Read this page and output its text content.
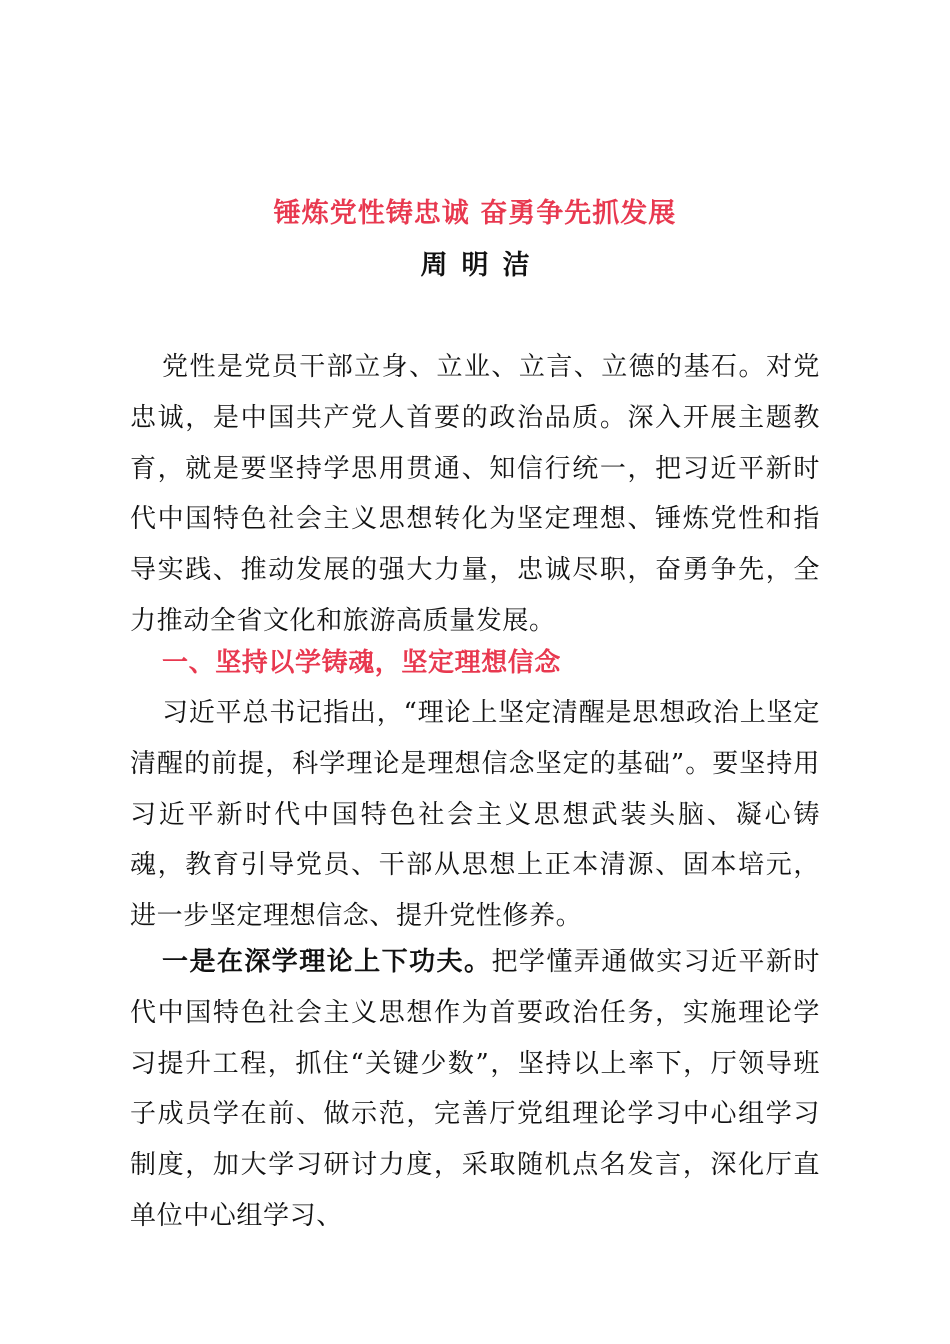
锤炼党性铸忠诚 奋勇争先抓发展
周明洁

党性是党员干部立身、立业、立言、立德的基石。对党忠诚，是中国共产党人首要的政治品质。深入开展主题教育，就是要坚持学思用贯通、知信行统一，把习近平新时代中国特色社会主义思想转化为坚定理想、锤炼党性和指导实践、推动发展的强大力量，忠诚尽职，奋勇争先，全力推动全省文化和旅游高质量发展。

一、坚持以学铸魂，坚定理想信念

习近平总书记指出，“理论上坚定清醒是思想政治上坚定清醒的前提，科学理论是理想信念坚定的基础”。要坚持用习近平新时代中国特色社会主义思想武装头脑、凝心铸魂，教育引导党员、干部从思想上正本清源、固本培元，进一步坚定理想信念、提升党性修养。

一是在深学理论上下功夫。把学懂弄通做实习近平新时代中国特色社会主义思想作为首要政治任务，实施理论学习提升工程，抓住“关键少数”，坚持以上率下，厅领导班子成员学在前、做示范，完善厅党组理论学习中心组学习制度，加大学习研讨力度，采取随机点名发言，深化厅直单位中心组学习、
